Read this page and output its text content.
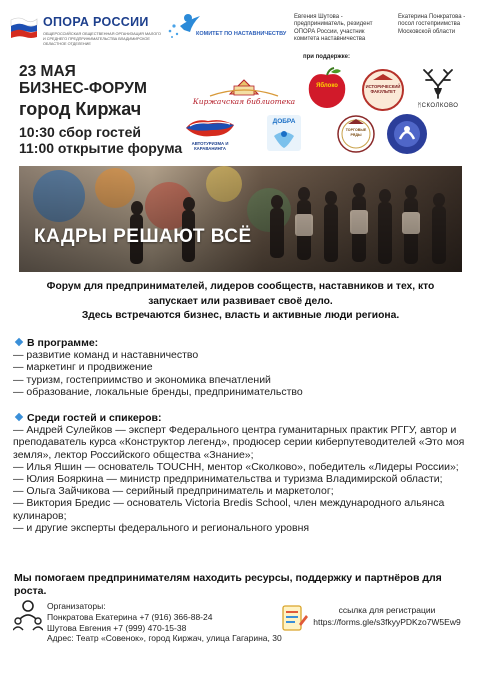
ОПОРА РОССИИ
ОБЩЕРОССИЙСКАЯ ОБЩЕСТВЕННАЯ ОРГАНИЗАЦИЯ МАЛОГО И СРЕДНЕГО ПРЕДПРИНИМАТЕЛЬСТВА ВЛАДИМИРСКОЕ ОБЛАСТНОЕ ОТДЕЛЕНИЕ
КОМИТЕТ ПО НАСТАВНИЧЕСТВУ
Евгения Шутова - предприниматель, резидент ОПОРА России, участник комитета наставничества
Екатерина Понкратова - посол гостеприимства Московской области
при поддержке:
23 МАЯ
БИЗНЕС-ФОРУМ
город Киржач
10:30 сбор гостей
11:00 открытие форума
Киржачская библиотека
Яблоко	ИСТОРИЧЕСКИЙ ФАКУЛЬТЕТ
ᛗСКОЛКОВО
АВТОТУРИЗМА И КАРАВАНИНГА
ДОБРА
ТОРГОВЫЕ РЯДЫ
КАДРЫ РЕШАЮТ ВСЁ
Форум для предпринимателей, лидеров сообществ, наставников и тех, кто
запускает или развивает своё дело.
Здесь встречаются бизнес, власть и активные люди региона.
В программе:
— развитие команд и наставничество
— маркетинг и продвижение
— туризм, гостеприимство и экономика впечатлений
— образование, локальные бренды, предпринимательство
Среди гостей и спикеров:
— Андрей Сулейков — эксперт Федерального центра гуманитарных практик РГГУ, автор и
преподаватель курса «Конструктор легенд», продюсер серии киберпутеводителей «Это моя
земля», лектор Российского общества «Знание»;
— Илья Яшин — основатель TOUCHH, ментор «Сколково», победитель «Лидеры России»;
— Юлия Бояркина — министр предпринимательства и туризма Владимирской области;
— Ольга Зайчикова — серийный предприниматель и маркетолог;
— Виктория Бредис — основатель Victoria Bredis School, член международного альянса
кулинаров;
— и другие эксперты федерального и регионального уровня
Мы помогаем предпринимателям находить ресурсы, поддержку и партнёров для
роста.
Организаторы:
Понкратова Екатерина +7 (916) 366-88-24
Шутова Евгения +7 (999) 470-15-38
Адрес: Театр «Совенок», город Киржач, улица Гагарина, 30
ссылка для регистрации
https://forms.gle/s3fkyyPDKzo7W5Ew9
